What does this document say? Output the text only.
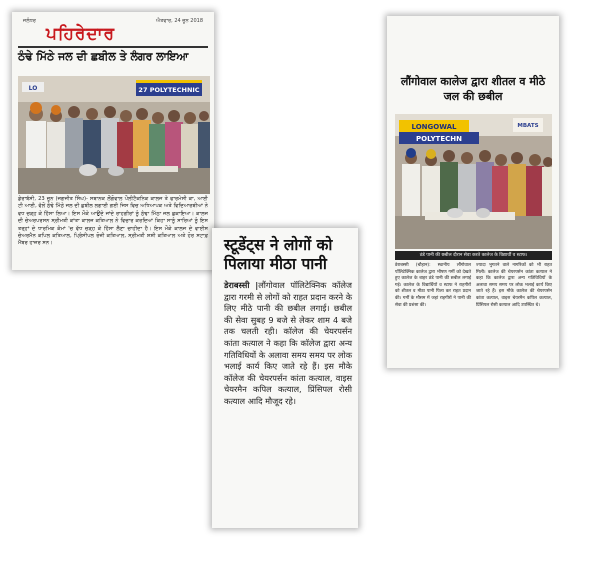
ਜਲੰਧਰ	ਐਤਵਾਰ, 24 ਜੂਨ 2018
ਪਹਿਰੇਦਾਰ
ਠੰਢੇ ਮਿੱਠੇ ਜਲ ਦੀ ਛਬੀਲ ਤੇ ਲੰਗਰ ਲਾਇਆ
27 POLYTECHNIC
LO
ਡੇਰਾਬੱਸੀ, 23 ਜੂਨ (ਜਗਜੀਤ ਸਿੰਘ)- ਸਥਾਨਕ ਲੌਂਗੋਵਾਲ ਪੌਲੀਟੈਕਨਿਕ ਕਾਲਜ ਤੇ ਫਾਰਮੇਸੀ ਕਾ, ਆਈ ਟੀ ਆਈ, ਵੱਲੋਂ ਠੰਢੇ ਮਿੱਠੇ ਜਲ ਦੀ ਛਬੀਲ ਲਗਾਈ ਗਈ ਜਿਸ ਵਿਚ ਅਧਿਆਪਕ ਅਤੇ ਵਿਦਿਆਰਥੀਆਂ ਨੇ ਵਧ ਚੜ੍ਹ ਕੇ ਹਿੱਸਾ ਲਿਆ। ਇਸ ਮੌਕੇ ਆਉਂਦੇ ਜਾਂਦੇ ਰਾਹਗੀਰਾਂ ਨੂੰ ਠੰਢਾ ਮਿੱਠਾ ਜਲ ਛਕਾਇਆ। ਕਾਲਜ ਦੀ ਚੇਅਰਪਰਸਨ ਸ੍ਰੀਮਤੀ ਕਾਂਤਾ ਕਾਲਜ ਕਤਿਆਲ ਨੇ ਵਿਚਾਰ ਕਰਦਿਆਂ ਕਿਹਾ ਸਾਨੂੰ ਸਾਰਿਆਂ ਨੂੰ ਇਸ ਤਰ੍ਹਾਂ ਦੇ ਧਾਰਮਿਕ ਕੰਮਾਂ 'ਚ ਵੱਧ ਚੜ੍ਹ ਕੇ ਹਿੱਸਾ ਲੈਣਾ ਚਾਹੀਦਾ ਹੈ। ਇਸ ਮੌਕੇ ਕਾਲਜ ਦੇ ਵਾਈਸ ਚੇਅਰਮੈਨ ਕਪਿਲ ਕਤਿਆਲ, ਪ੍ਰਿੰਸੀਪਲ ਰੋਜ਼ੀ ਕਤਿਆਲ, ਸ੍ਰੀਮਤੀ ਸ਼ਸ਼ੀ ਕਤਿਆਲ ਅਤੇ ਹੋਰ ਸਟਾਫ਼ ਮੈਂਬਰ ਹਾਜ਼ਰ ਸਨ।
लौंगोवाल कालेज द्वारा शीतल व मीठे जल की छबील
LONGOWAL
POLYTECHN
MBATS
ठंडे पानी की छबील दौरान सेवा करते कालेज के विद्यार्थी व स्टाफ।
डेराबस्सी (चौहान): स्थानीय लौंगोवाल पॉलिटेक्निक कालेज द्वारा भीषण गर्मी को देखते हुए कालेज के बाहर ठंडे पानी की छबील लगाई गई। कालेज के विद्यार्थियों व स्टाफ ने राहगीरों को शीतल व मीठा पानी पिला कर राहत प्रदान की। गर्मी के मौसम में जहां राहगीरों ने पानी की सेवा की प्रशंसा की।
ज्यादा भुगतने वाले नागरिकों को भी राहत मिली। कालेज की चेयरपर्सन कांता कत्याल ने कहा कि कालेज द्वारा अन्य गतिविधियों के अलावा समय समय पर लोक भलाई कार्य किए जाते रहे हैं। इस मौके कालेज की चेयरपर्सन कांता कत्याल, वाइस चेयरमैन कपिल कत्याल, प्रिंसिपल रोसी कत्याल आदि उपस्थित थे।
स्टूडेंट्स ने लोगों को पिलाया मीठा पानी
डेराबस्सी |लौंगोवाल पॉलिटेक्निक कॉलेज द्वारा गरमी से लोगों को राहत प्रदान करने के लिए मीठे पानी की छबील लगाई। छबील की सेवा सुबह 9 बजे से लेकर शाम 4 बजे तक चलती रही। कॉलेज की चेयरपर्सन कांता कत्याल ने कहा कि कॉलेज द्वारा अन्य गतिविधियों के अलावा समय समय पर लोक भलाई कार्य किए जाते रहे हैं। इस मौके कॉलेज की चेयरपर्सन कांता कत्याल, वाइस चेयरमैन कपिल कत्याल, प्रिंसिपल रोसी कत्याल आदि मौजूद रहे।
